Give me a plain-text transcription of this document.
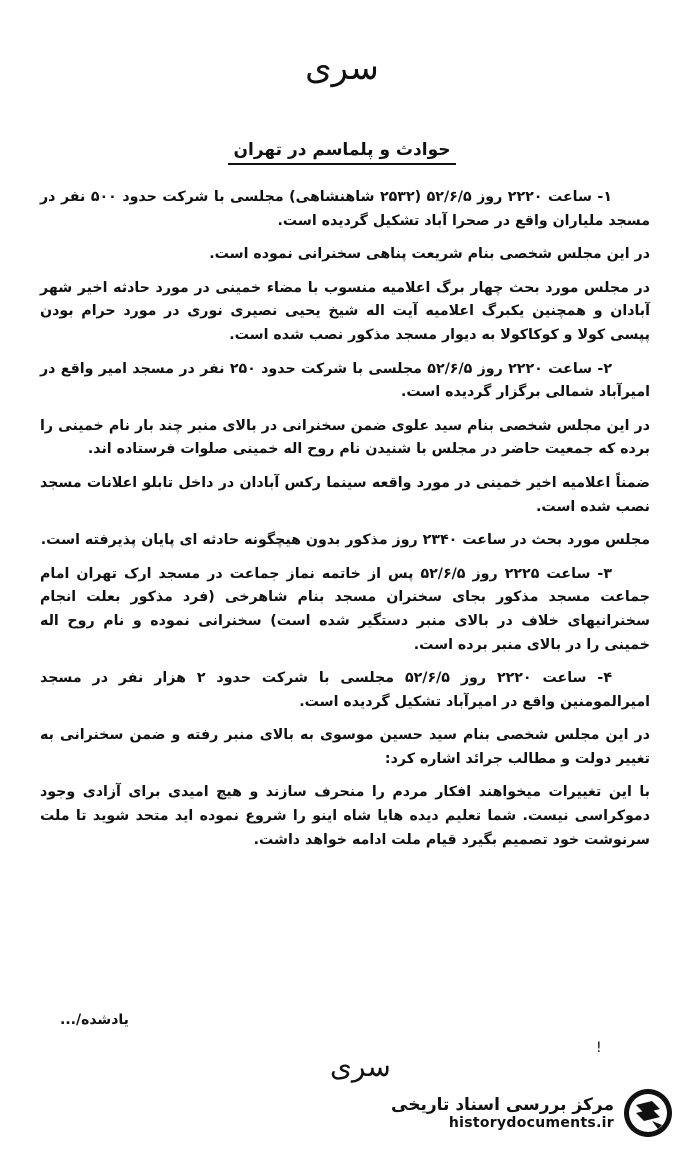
سری
حوادث و پلماسم در تهران

۱- ساعت ۲۲۲۰ روز ۵۲/۶/۵ (۲۵۳۲ شاهنشاهی) مجلسی با شرکت حدود ۵۰۰ نفر در مسجد ملیاران واقع در صحرا آباد تشکیل گردیده است.

در این مجلس شخصی بنام شریعت پناهی سخنرانی نموده است.

در مجلس مورد بحث چهار برگ اعلامیه منسوب با مضاء خمینی در مورد حادثه اخیر شهر آبادان و همچنین یکبرگ اعلامیه آیت اله شیخ یحیی نصیری نوری در مورد حرام بودن پپسی کولا و کوکاکولا به دیوار مسجد مذکور نصب شده است.

۲- ساعت ۲۲۲۰ روز ۵۲/۶/۵ مجلسی با شرکت حدود ۲۵۰ نفر در مسجد امیر واقع در امیرآباد شمالی برگزار گردیده است.

در این مجلس شخصی بنام سید علوی ضمن سخنرانی در بالای منبر چند بار نام خمینی را برده که جمعیت حاضر در مجلس با شنیدن نام روح اله خمینی صلوات فرستاده اند.

ضمناً اعلامیه اخیر خمینی در مورد واقعه سینما رکس آبادان در داخل تابلو اعلانات مسجد نصب شده است.

مجلس مورد بحث در ساعت ۲۳۴۰ روز مذکور بدون هیچگونه حادثه ای پایان پذیرفته است.

۳- ساعت ۲۲۲۵ روز ۵۲/۶/۵ پس از خاتمه نماز جماعت در مسجد ارک تهران امام جماعت مسجد مذکور بجای سخنران مسجد بنام شاهرخی (فرد مذکور بعلت انجام سخنرانیهای خلاف در بالای منبر دستگیر شده است) سخنرانی نموده و نام روح اله خمینی را در بالای منبر برده است.

۴- ساعت ۲۲۲۰ روز ۵۲/۶/۵ مجلسی با شرکت حدود ۲ هزار نفر در مسجد امیرالمومنین واقع در امیرآباد تشکیل گردیده است.

در این مجلس شخصی بنام سید حسین موسوی به بالای منبر رفته و ضمن سخنرانی به تغییر دولت و مطالب جرائد اشاره کرد:

با این تغییرات میخواهند افکار مردم را منحرف سازند و هیچ امیدی برای آزادی وجود دموکراسی نیست. شما تعلیم دیده هایا شاه اینو را شروع نموده اید متحد شوید تا ملت سرنوشت خود تصمیم بگیرد قیام ملت ادامه خواهد داشت.

یادشده/...
!
سری
مرکز بررسی اسناد تاریخی
historydocuments.ir
